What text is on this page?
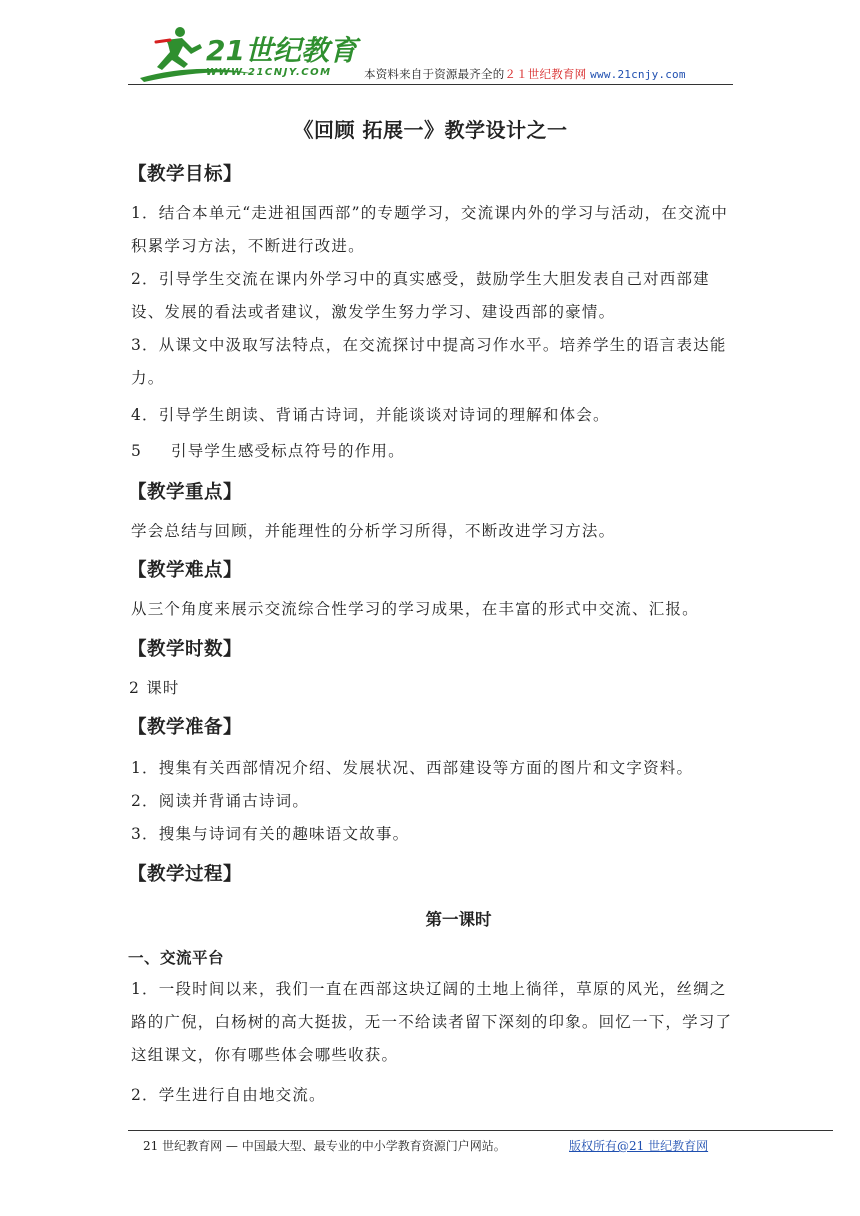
21世纪教育
WWW.21CNJY.COM	本资料来自于资源最齐全的２１世纪教育网 www.21cnjy.com
《回顾 拓展一》教学设计之一
【教学目标】
1．结合本单元“走进祖国西部”的专题学习，交流课内外的学习与活动，在交流中积累学习方法，不断进行改进。
2．引导学生交流在课内外学习中的真实感受，鼓励学生大胆发表自己对西部建设、发展的看法或者建议，激发学生努力学习、建设西部的豪情。
3．从课文中汲取写法特点，在交流探讨中提高习作水平。培养学生的语言表达能力。
4．引导学生朗读、背诵古诗词，并能谈谈对诗词的理解和体会。
5　  引导学生感受标点符号的作用。
【教学重点】
学会总结与回顾，并能理性的分析学习所得，不断改进学习方法。
【教学难点】
从三个角度来展示交流综合性学习的学习成果，在丰富的形式中交流、汇报。
【教学时数】
2 课时
【教学准备】
1．搜集有关西部情况介绍、发展状况、西部建设等方面的图片和文字资料。
2．阅读并背诵古诗词。
3．搜集与诗词有关的趣味语文故事。
【教学过程】
第一课时
一、交流平台
1．一段时间以来，我们一直在西部这块辽阔的土地上徜徉，草原的风光，丝绸之路的广倪，白杨树的高大挺拔，无一不给读者留下深刻的印象。回忆一下，学习了这组课文，你有哪些体会哪些收获。
2．学生进行自由地交流。
21 世纪教育网 — 中国最大型、最专业的中小学教育资源门户网站。	版权所有@21 世纪教育网
